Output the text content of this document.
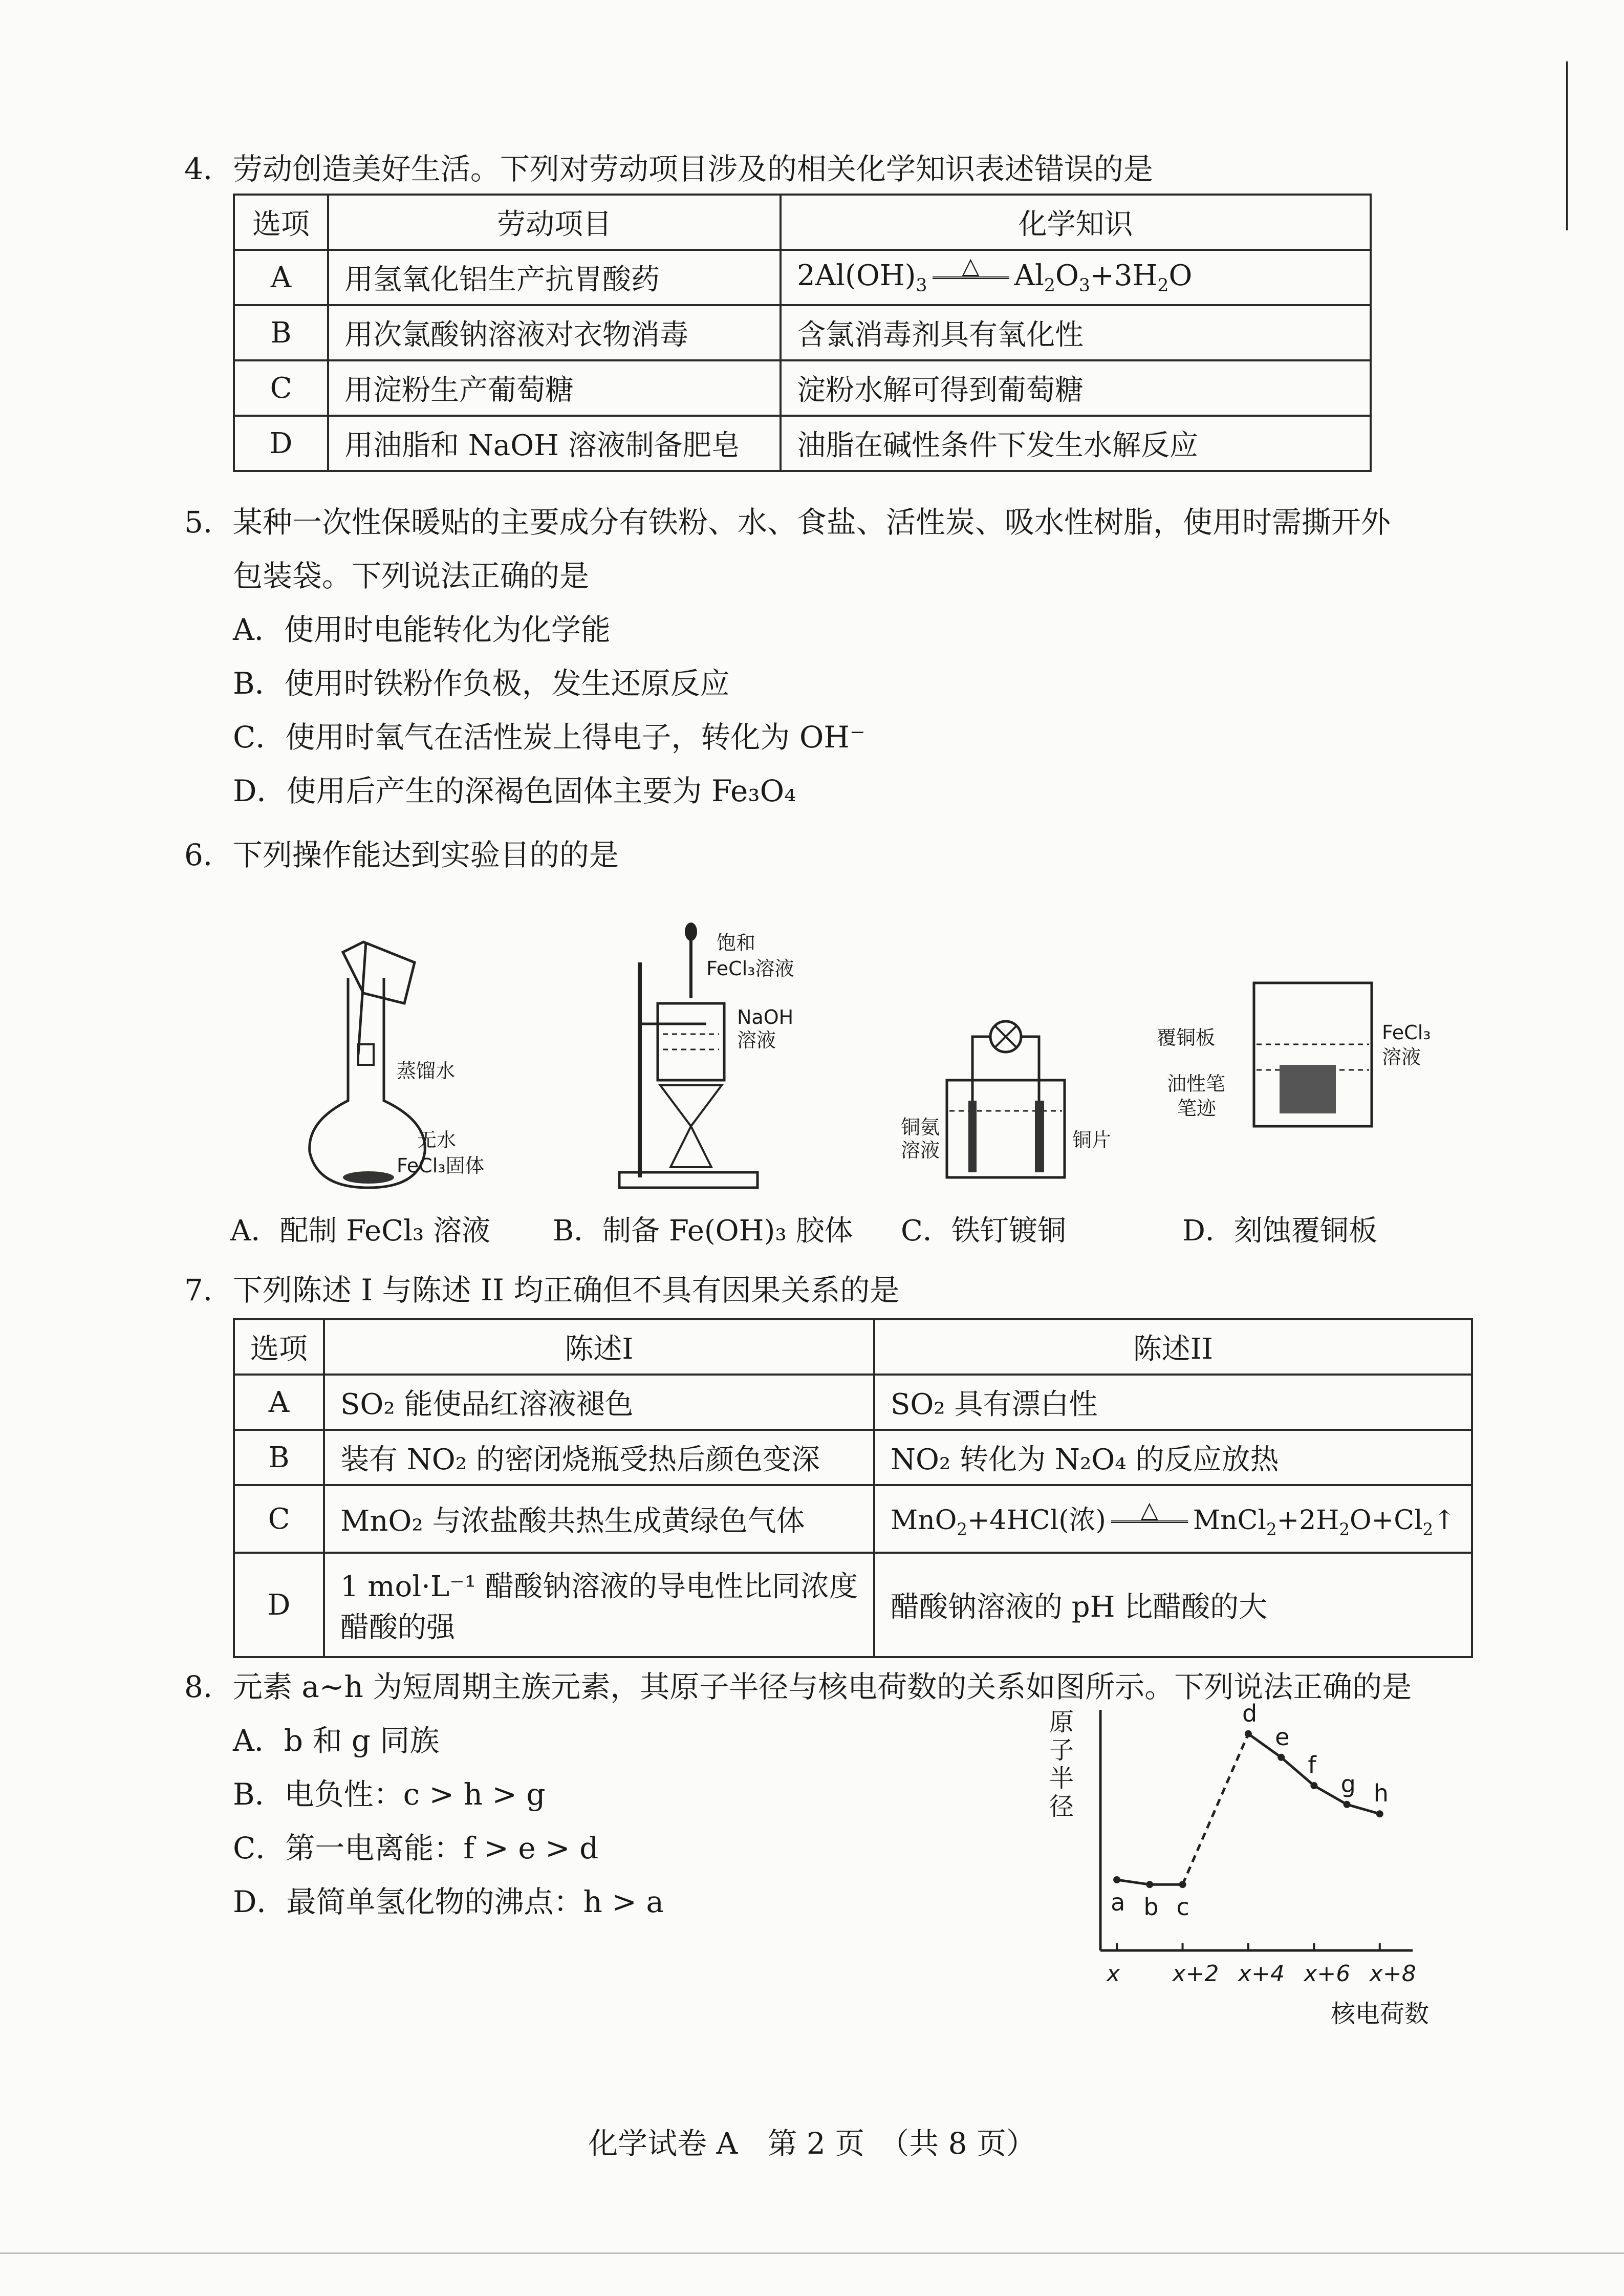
4．劳动创造美好生活。下列对劳动项目涉及的相关化学知识表述错误的是
选项	劳动项目	化学知识
A	用氢氧化铝生产抗胃酸药	$2Al(OH)_3$
△ $Al_2O_3+3H_2O$
B	用次氯酸钠溶液对衣物消毒	含氯消毒剂具有氧化性
C	用淀粉生产葡萄糖	淀粉水解可得到葡萄糖
D	用油脂和 NaOH 溶液制备肥皂	油脂在碱性条件下发生水解反应
5．某种一次性保暖贴的主要成分有铁粉、水、食盐、活性炭、吸水性树脂，使用时需撕开外
包装袋。下列说法正确的是
A．使用时电能转化为化学能
B．使用时铁粉作负极，发生还原反应
C．使用时氧气在活性炭上得电子，转化为 OH⁻
D．使用后产生的深褐色固体主要为 Fe₃O₄
6．下列操作能达到实验目的的是
蒸馏水
无水
FeCl₃固体
A．配制 FeCl₃ 溶液
饱和
FeCl₃溶液
NaOH
溶液
B．制备 Fe(OH)₃ 胶体
铜氨
溶液	铜片
C．铁钉镀铜
覆铜板	FeCl₃
溶液
油性笔
笔迹
D．刻蚀覆铜板
7．下列陈述 I 与陈述 II 均正确但不具有因果关系的是
选项	陈述I	陈述II
A	SO₂ 能使品红溶液褪色	SO₂ 具有漂白性
B	装有 NO₂ 的密闭烧瓶受热后颜色变深	NO₂ 转化为 N₂O₄ 的反应放热
C	MnO₂ 与浓盐酸共热生成黄绿色气体	MnO$_2$+4HCl(浓) △ $MnCl_2+2H_2O+Cl_2↑$
D	1 mol·L⁻¹ 醋酸钠溶液的导电性比同浓度
醋酸的强	醋酸钠溶液的 pH 比醋酸的大
8．元素 a~h 为短周期主族元素，其原子半径与核电荷数的关系如图所示。下列说法正确的是
A．b 和 g 同族
B．电负性：c > h > g
C．第一电离能：f > e > d
D．最简单氢化物的沸点：h > a
原
子
半
径
x x+2 x+4 x+6 x+8
a b c
d
e
f
g h
核电荷数
化学试卷 A　第 2 页　（共 8 页）
